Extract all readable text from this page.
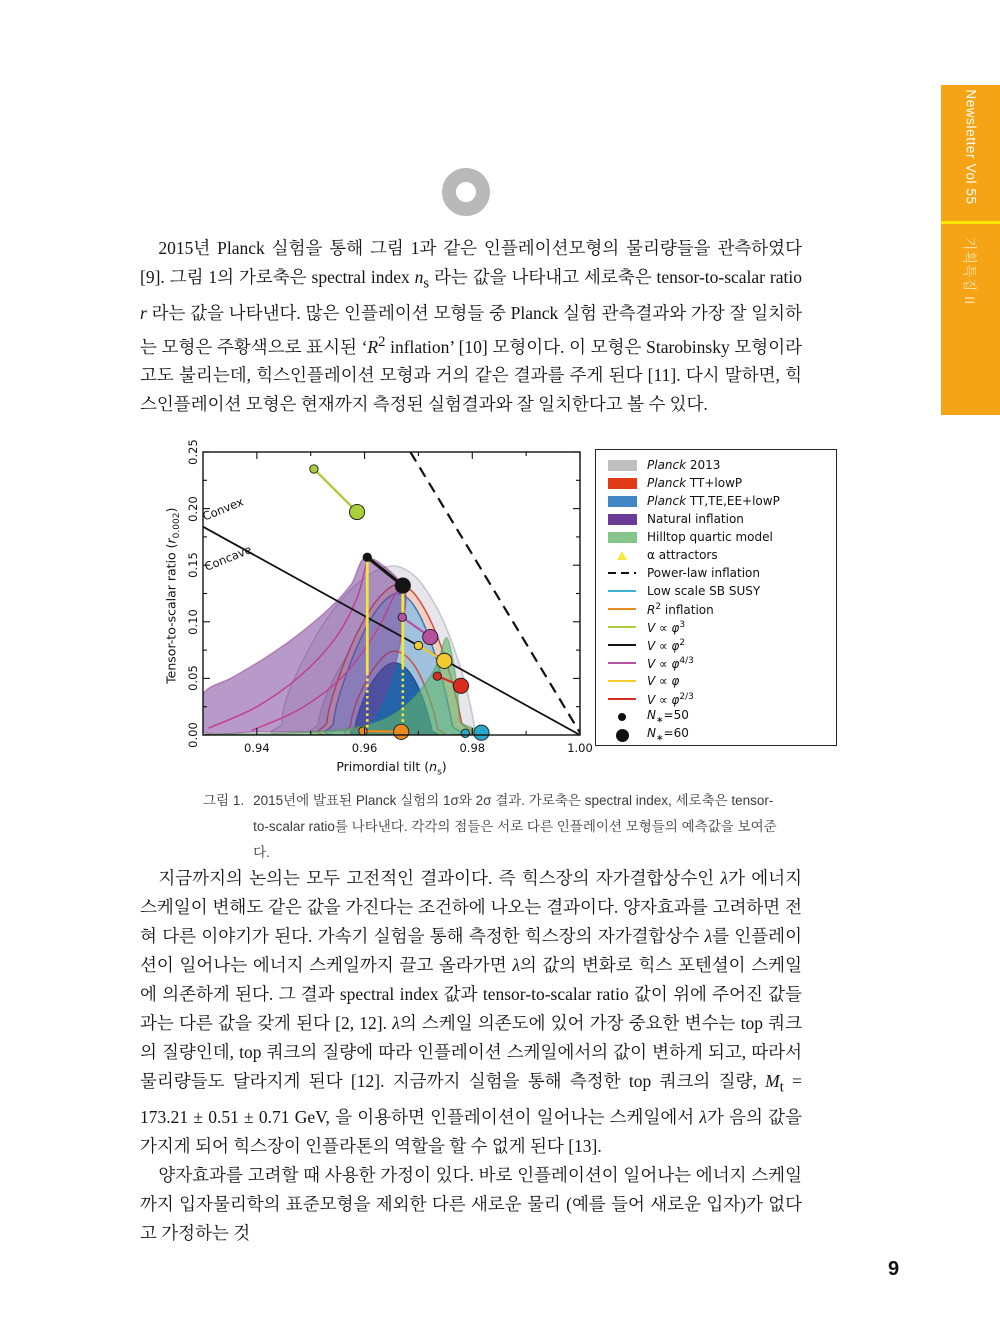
Newsletter Vol 55
기획특집 II

2015년 Planck 실험을 통해 그림 1과 같은 인플레이션모형의 물리량들을 관측하였다 [9]. 그림 1의 가로축은 spectral index $n_s$ 라는 값을 나타내고 세로축은 tensor-to-scalar ratio r 라는 값을 나타낸다. 많은 인플레이션 모형들 중 Planck 실험 관측결과와 가장 잘 일치하는 모형은 주황색으로 표시된 ‘$R^2$ inflation’ [10] 모형이다. 이 모형은 Starobinsky 모형이라고도 불리는데, 힉스인플레이션 모형과 거의 같은 결과를 주게 된다 [11]. 다시 말하면, 힉스인플레이션 모형은 현재까지 측정된 실험결과와 잘 일치한다고 볼 수 있다.

0.94	0.96	0.98	1.00
0.00
0.05
0.10
0.15
0.20
0.25
Primordial tilt $(n_s)$
Tensor-to-scalar ratio $(r_{0.002})$	Convex
Concave
Planck 2013
Planck TT+lowP
Planck TT,TE,EE+lowP
Natural inflation
Hilltop quartic model
α attractors
Power-law inflation
Low scale SB SUSY
$R^2$ inflation
$V \propto \varphi^3$
$V \propto \varphi^2$
$V \propto \varphi^{4/3}$
V ∝ φ
$V \propto \varphi^{2/3}$
$N_∗=50$
$N_∗=60$
그림 1. 2015년에 발표된 Planck 실험의 1σ와 2σ 결과. 가로축은 spectral index, 세로축은 tensor-to-scalar ratio를 나타낸다. 각각의 점들은 서로 다른 인플레이션 모형들의 예측값을 보여준다.

지금까지의 논의는 모두 고전적인 결과이다. 즉 힉스장의 자가결합상수인 λ가 에너지 스케일이 변해도 같은 값을 가진다는 조건하에 나오는 결과이다. 양자효과를 고려하면 전혀 다른 이야기가 된다. 가속기 실험을 통해 측정한 힉스장의 자가결합상수 λ를 인플레이션이 일어나는 에너지 스케일까지 끌고 올라가면 λ의 값의 변화로 힉스 포텐셜이 스케일에 의존하게 된다. 그 결과 spectral index 값과 tensor-to-scalar ratio 값이 위에 주어진 값들과는 다른 값을 갖게 된다 [2, 12]. λ의 스케일 의존도에 있어 가장 중요한 변수는 top 쿼크의 질량인데, top 쿼크의 질량에 따라 인플레이션 스케일에서의 값이 변하게 되고, 따라서 물리량들도 달라지게 된다 [12]. 지금까지 실험을 통해 측정한 top 쿼크의 질량, $M_t = 173.21 \pm 0.51 \pm 0.71$ GeV, 을 이용하면 인플레이션이 일어나는 스케일에서 λ가 음의 값을 가지게 되어 힉스장이 인플라톤의 역할을 할 수 없게 된다 [13].

양자효과를 고려할 때 사용한 가정이 있다. 바로 인플레이션이 일어나는 에너지 스케일까지 입자물리학의 표준모형을 제외한 다른 새로운 물리 (예를 들어 새로운 입자)가 없다고 가정하는 것

9
